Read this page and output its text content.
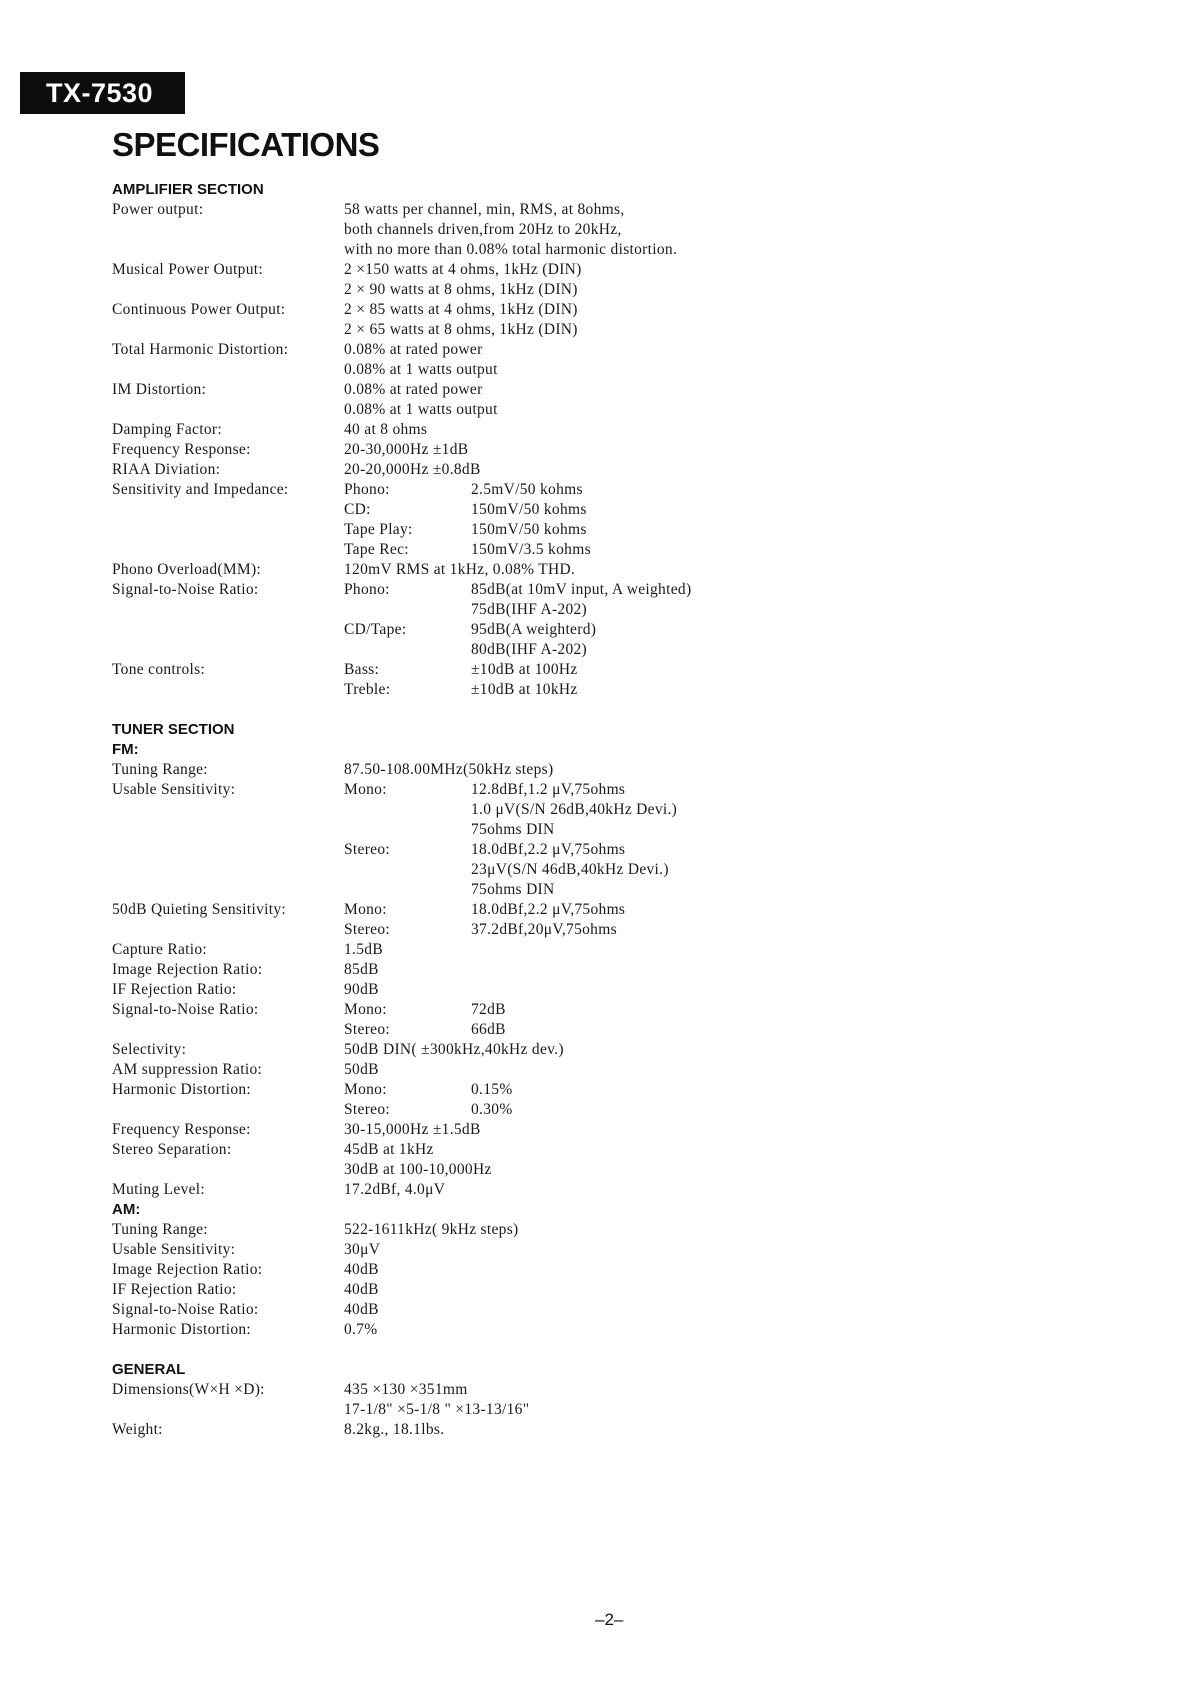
TX-7530
SPECIFICATIONS
AMPLIFIER SECTION
Power output:	58 watts per channel, min, RMS, at 8ohms,
both channels driven,from 20Hz to 20kHz,
with no more than 0.08% total harmonic distortion.
Musical Power Output:	2 ×150 watts at 4 ohms, 1kHz (DIN)
2 × 90 watts at 8 ohms, 1kHz (DIN)
Continuous Power Output:	2 × 85 watts at 4 ohms, 1kHz (DIN)
2 × 65 watts at 8 ohms, 1kHz (DIN)
Total Harmonic Distortion:	0.08% at rated power
0.08% at 1 watts output
IM Distortion:	0.08% at rated power
0.08% at 1 watts output
Damping Factor:	40 at 8 ohms
Frequency Response:	20-30,000Hz ±1dB
RIAA Diviation:	20-20,000Hz ±0.8dB
Sensitivity and Impedance:	Phono:	2.5mV/50 kohms
CD:	150mV/50 kohms
Tape Play:	150mV/50 kohms
Tape Rec:	150mV/3.5 kohms
Phono Overload(MM):	120mV RMS at 1kHz, 0.08% THD.
Signal-to-Noise Ratio:	Phono:	85dB(at 10mV input, A weighted)
75dB(IHF A-202)
CD/Tape:	95dB(A weighterd)
80dB(IHF A-202)
Tone controls:	Bass:	±10dB at 100Hz
Treble:	±10dB at 10kHz
TUNER SECTION
FM:
Tuning Range:	87.50-108.00MHz(50kHz steps)
Usable Sensitivity:	Mono:	12.8dBf,1.2 μV,75ohms
1.0 μV(S/N 26dB,40kHz Devi.)
75ohms DIN
Stereo:	18.0dBf,2.2 μV,75ohms
23μV(S/N 46dB,40kHz Devi.)
75ohms DIN
50dB Quieting Sensitivity:	Mono:	18.0dBf,2.2 μV,75ohms
Stereo:	37.2dBf,20μV,75ohms
Capture Ratio:	1.5dB
Image Rejection Ratio:	85dB
IF Rejection Ratio:	90dB
Signal-to-Noise Ratio:	Mono:	72dB
Stereo:	66dB
Selectivity:	50dB DIN( ±300kHz,40kHz dev.)
AM suppression Ratio:	50dB
Harmonic Distortion:	Mono:	0.15%
Stereo:	0.30%
Frequency Response:	30-15,000Hz ±1.5dB
Stereo Separation:	45dB at 1kHz
30dB at 100-10,000Hz
Muting Level:	17.2dBf, 4.0μV
AM:
Tuning Range:	522-1611kHz( 9kHz steps)
Usable Sensitivity:	30μV
Image Rejection Ratio:	40dB
IF Rejection Ratio:	40dB
Signal-to-Noise Ratio:	40dB
Harmonic Distortion:	0.7%
GENERAL
Dimensions(W×H ×D):	435 ×130 ×351mm
17-1/8" ×5-1/8 " ×13-13/16"
Weight:	8.2kg., 18.1lbs.
–2–
